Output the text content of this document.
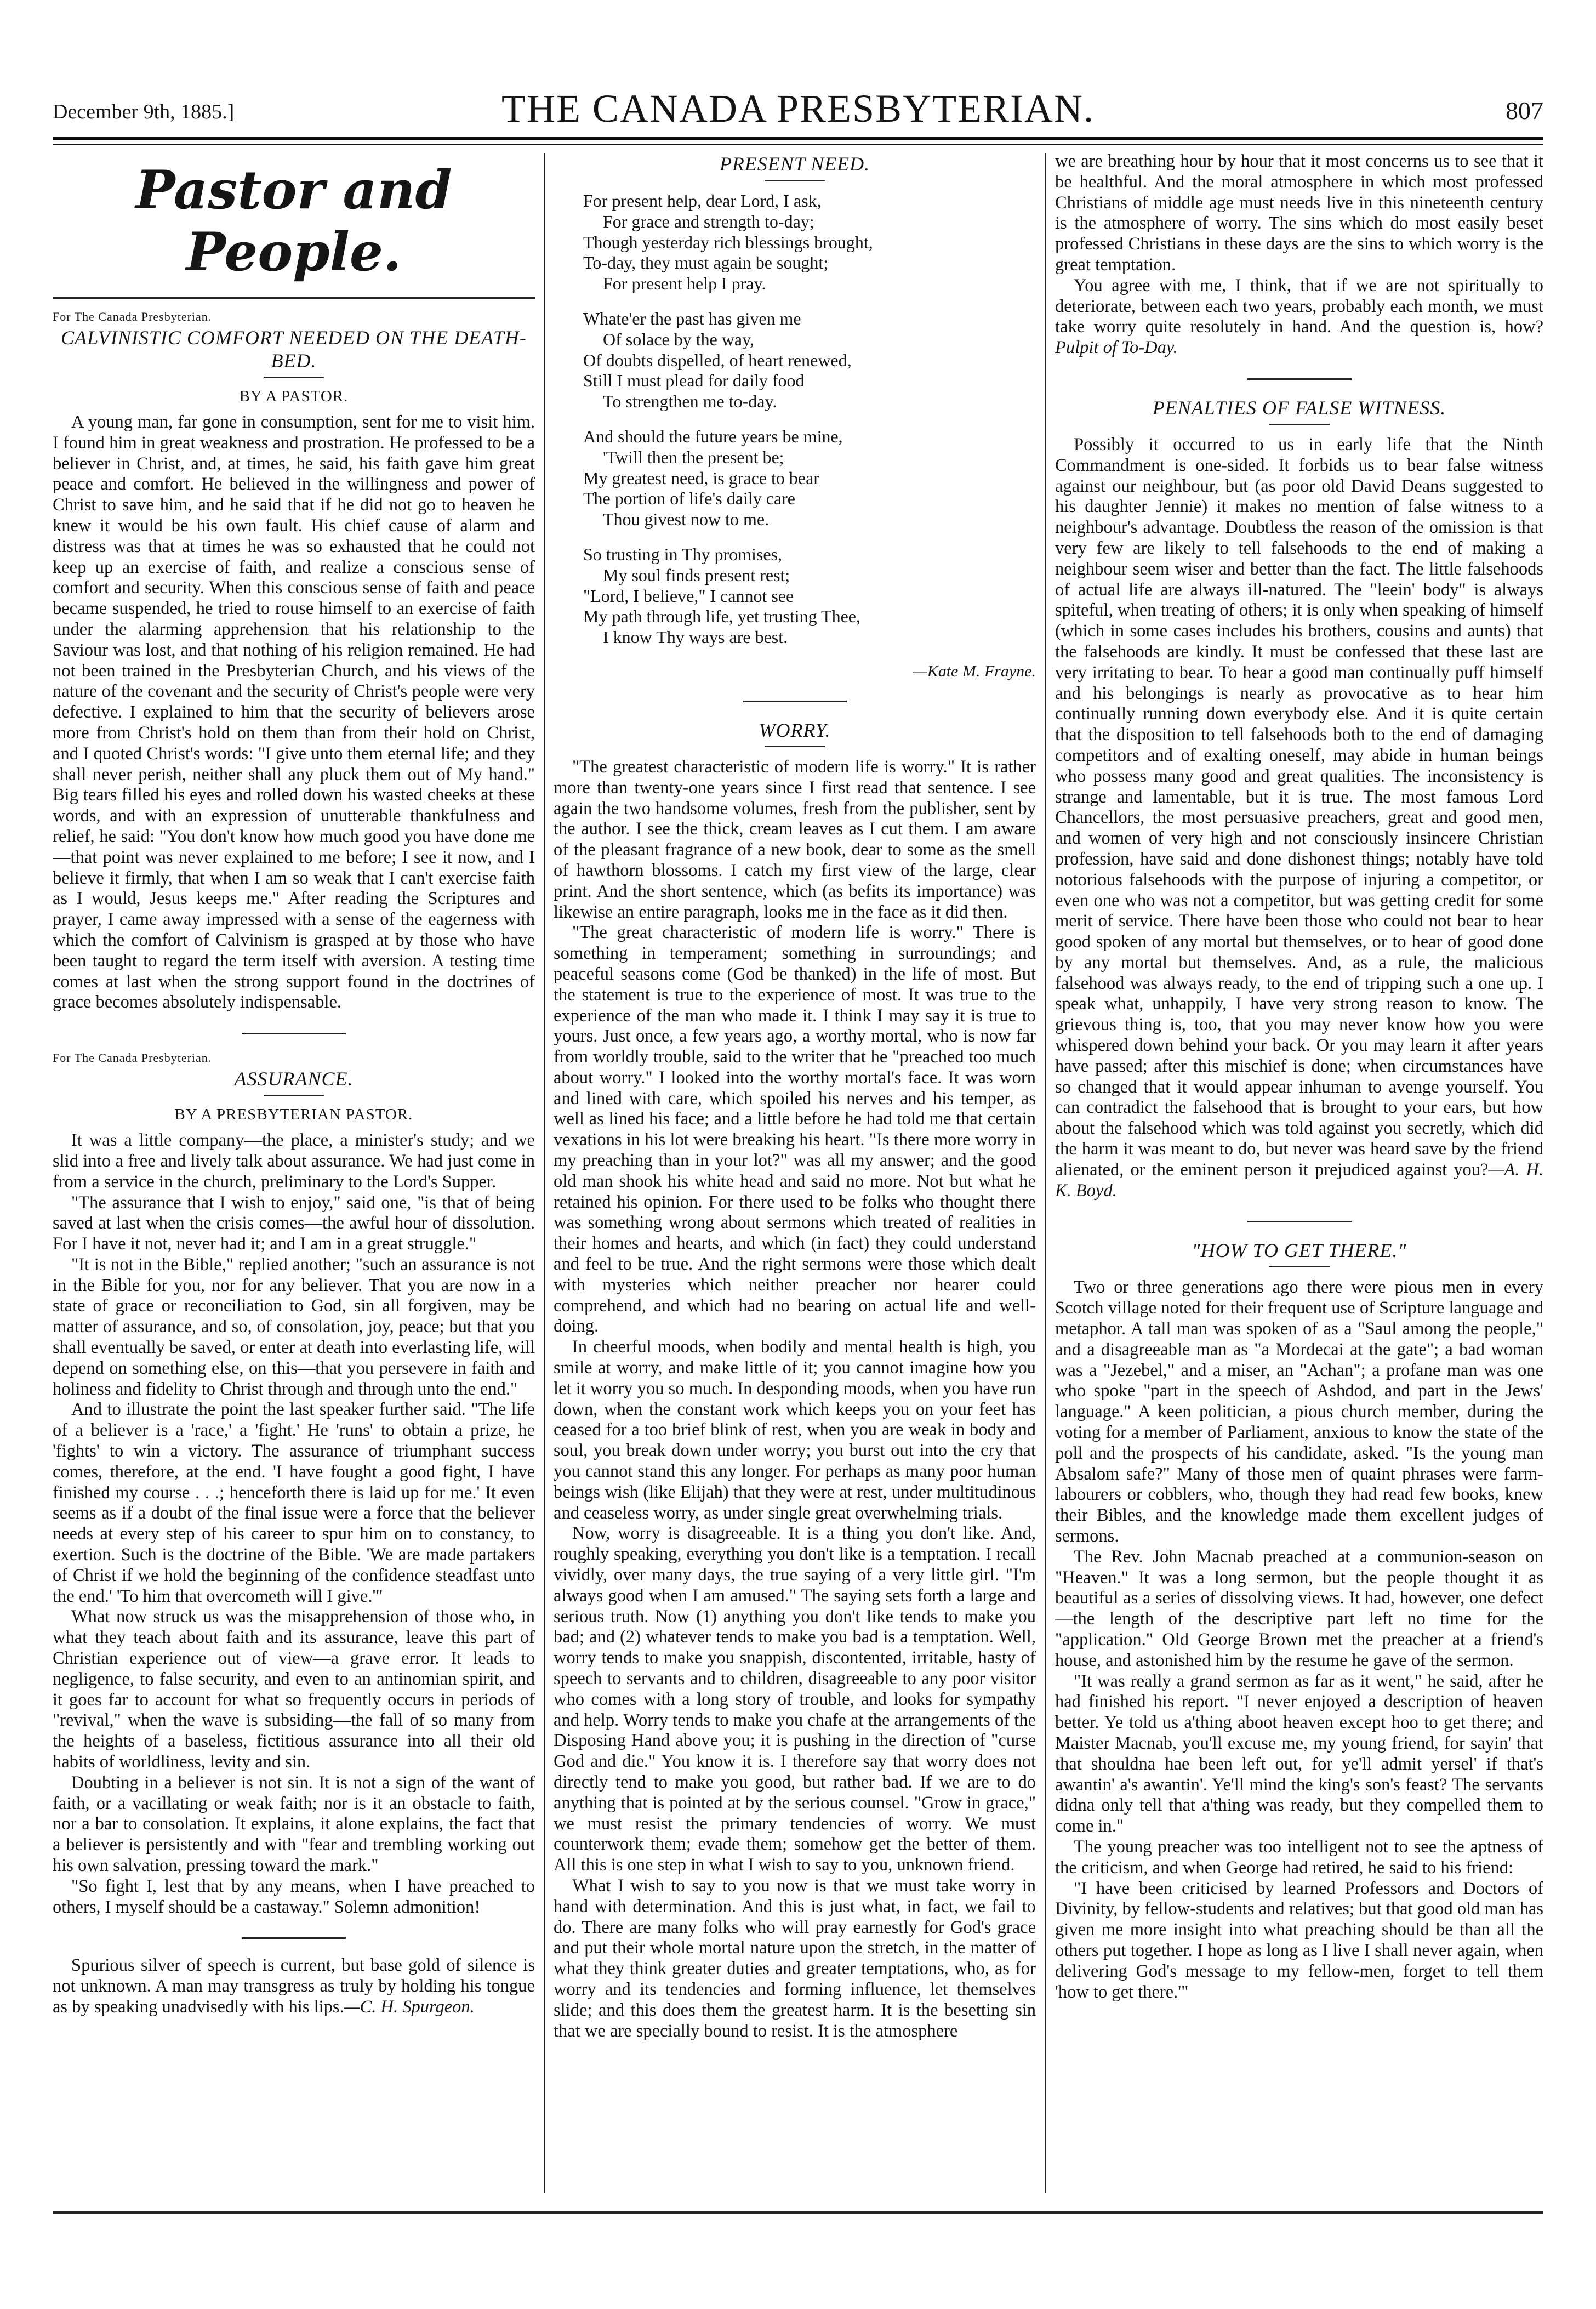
December 9th, 1885.]	THE CANADA PRESBYTERIAN.	807
Pastor and People.
For The Canada Presbyterian.
CALVINISTIC COMFORT NEEDED ON THE DEATH-BED.
BY A PASTOR.

A young man, far gone in consumption, sent for me to visit him. I found him in great weakness and prostration. He professed to be a believer in Christ, and, at times, he said, his faith gave him great peace and comfort. He believed in the willingness and power of Christ to save him, and he said that if he did not go to heaven he knew it would be his own fault. His chief cause of alarm and distress was that at times he was so exhausted that he could not keep up an exercise of faith, and realize a conscious sense of comfort and security. When this conscious sense of faith and peace became suspended, he tried to rouse himself to an exercise of faith under the alarming apprehension that his relationship to the Saviour was lost, and that nothing of his religion remained. He had not been trained in the Presbyterian Church, and his views of the nature of the covenant and the security of Christ's people were very defective. I explained to him that the security of believers arose more from Christ's hold on them than from their hold on Christ, and I quoted Christ's words: "I give unto them eternal life; and they shall never perish, neither shall any pluck them out of My hand." Big tears filled his eyes and rolled down his wasted cheeks at these words, and with an expression of unutterable thankfulness and relief, he said: "You don't know how much good you have done me—that point was never explained to me before; I see it now, and I believe it firmly, that when I am so weak that I can't exercise faith as I would, Jesus keeps me." After reading the Scriptures and prayer, I came away impressed with a sense of the eagerness with which the comfort of Calvinism is grasped at by those who have been taught to regard the term itself with aversion. A testing time comes at last when the strong support found in the doctrines of grace becomes absolutely indispensable.

For The Canada Presbyterian.
ASSURANCE.
BY A PRESBYTERIAN PASTOR.

It was a little company—the place, a minister's study; and we slid into a free and lively talk about assurance. We had just come in from a service in the church, preliminary to the Lord's Supper.

"The assurance that I wish to enjoy," said one, "is that of being saved at last when the crisis comes—the awful hour of dissolution. For I have it not, never had it; and I am in a great struggle."

"It is not in the Bible," replied another; "such an assurance is not in the Bible for you, nor for any believer. That you are now in a state of grace or reconciliation to God, sin all forgiven, may be matter of assurance, and so, of consolation, joy, peace; but that you shall eventually be saved, or enter at death into everlasting life, will depend on something else, on this—that you persevere in faith and holiness and fidelity to Christ through and through unto the end."

And to illustrate the point the last speaker further said. "The life of a believer is a 'race,' a 'fight.' He 'runs' to obtain a prize, he 'fights' to win a victory. The assurance of triumphant success comes, therefore, at the end. 'I have fought a good fight, I have finished my course . . .; henceforth there is laid up for me.' It even seems as if a doubt of the final issue were a force that the believer needs at every step of his career to spur him on to constancy, to exertion. Such is the doctrine of the Bible. 'We are made partakers of Christ if we hold the beginning of the confidence steadfast unto the end.' 'To him that overcometh will I give.'"

What now struck us was the misapprehension of those who, in what they teach about faith and its assurance, leave this part of Christian experience out of view—a grave error. It leads to negligence, to false security, and even to an antinomian spirit, and it goes far to account for what so frequently occurs in periods of "revival," when the wave is subsiding—the fall of so many from the heights of a baseless, fictitious assurance into all their old habits of worldliness, levity and sin.

Doubting in a believer is not sin. It is not a sign of the want of faith, or a vacillating or weak faith; nor is it an obstacle to faith, nor a bar to consolation. It explains, it alone explains, the fact that a believer is persistently and with "fear and trembling working out his own salvation, pressing toward the mark."

"So fight I, lest that by any means, when I have preached to others, I myself should be a castaway." Solemn admonition!

Spurious silver of speech is current, but base gold of silence is not unknown. A man may transgress as truly by holding his tongue as by speaking unadvisedly with his lips.—C. H. Spurgeon.

PRESENT NEED.
For present help, dear Lord, I ask,
For grace and strength to-day;
Though yesterday rich blessings brought,
To-day, they must again be sought;
For present help I pray.
Whate'er the past has given me
Of solace by the way,
Of doubts dispelled, of heart renewed,
Still I must plead for daily food
To strengthen me to-day.
And should the future years be mine,
'Twill then the present be;
My greatest need, is grace to bear
The portion of life's daily care
Thou givest now to me.
So trusting in Thy promises,
My soul finds present rest;
"Lord, I believe," I cannot see
My path through life, yet trusting Thee,
I know Thy ways are best.
—Kate M. Frayne.
WORRY.

"The greatest characteristic of modern life is worry." It is rather more than twenty-one years since I first read that sentence. I see again the two handsome volumes, fresh from the publisher, sent by the author. I see the thick, cream leaves as I cut them. I am aware of the pleasant fragrance of a new book, dear to some as the smell of hawthorn blossoms. I catch my first view of the large, clear print. And the short sentence, which (as befits its importance) was likewise an entire paragraph, looks me in the face as it did then.

"The great characteristic of modern life is worry." There is something in temperament; something in surroundings; and peaceful seasons come (God be thanked) in the life of most. But the statement is true to the experience of most. It was true to the experience of the man who made it. I think I may say it is true to yours. Just once, a few years ago, a worthy mortal, who is now far from worldly trouble, said to the writer that he "preached too much about worry." I looked into the worthy mortal's face. It was worn and lined with care, which spoiled his nerves and his temper, as well as lined his face; and a little before he had told me that certain vexations in his lot were breaking his heart. "Is there more worry in my preaching than in your lot?" was all my answer; and the good old man shook his white head and said no more. Not but what he retained his opinion. For there used to be folks who thought there was something wrong about sermons which treated of realities in their homes and hearts, and which (in fact) they could understand and feel to be true. And the right sermons were those which dealt with mysteries which neither preacher nor hearer could comprehend, and which had no bearing on actual life and well-doing.

In cheerful moods, when bodily and mental health is high, you smile at worry, and make little of it; you cannot imagine how you let it worry you so much. In desponding moods, when you have run down, when the constant work which keeps you on your feet has ceased for a too brief blink of rest, when you are weak in body and soul, you break down under worry; you burst out into the cry that you cannot stand this any longer. For perhaps as many poor human beings wish (like Elijah) that they were at rest, under multitudinous and ceaseless worry, as under single great overwhelming trials.

Now, worry is disagreeable. It is a thing you don't like. And, roughly speaking, everything you don't like is a temptation. I recall vividly, over many days, the true saying of a very little girl. "I'm always good when I am amused." The saying sets forth a large and serious truth. Now (1) anything you don't like tends to make you bad; and (2) whatever tends to make you bad is a temptation. Well, worry tends to make you snappish, discontented, irritable, hasty of speech to servants and to children, disagreeable to any poor visitor who comes with a long story of trouble, and looks for sympathy and help. Worry tends to make you chafe at the arrangements of the Disposing Hand above you; it is pushing in the direction of "curse God and die." You know it is. I therefore say that worry does not directly tend to make you good, but rather bad. If we are to do anything that is pointed at by the serious counsel. "Grow in grace," we must resist the primary tendencies of worry. We must counterwork them; evade them; somehow get the better of them. All this is one step in what I wish to say to you, unknown friend.

What I wish to say to you now is that we must take worry in hand with determination. And this is just what, in fact, we fail to do. There are many folks who will pray earnestly for God's grace and put their whole mortal nature upon the stretch, in the matter of what they think greater duties and greater temptations, who, as for worry and its tendencies and forming influence, let themselves slide; and this does them the greatest harm. It is the besetting sin that we are specially bound to resist. It is the atmosphere

we are breathing hour by hour that it most concerns us to see that it be healthful. And the moral atmosphere in which most professed Christians of middle age must needs live in this nineteenth century is the atmosphere of worry. The sins which do most easily beset professed Christians in these days are the sins to which worry is the great temptation.

You agree with me, I think, that if we are not spiritually to deteriorate, between each two years, probably each month, we must take worry quite resolutely in hand. And the question is, how? Pulpit of To-Day.

PENALTIES OF FALSE WITNESS.

Possibly it occurred to us in early life that the Ninth Commandment is one-sided. It forbids us to bear false witness against our neighbour, but (as poor old David Deans suggested to his daughter Jennie) it makes no mention of false witness to a neighbour's advantage. Doubtless the reason of the omission is that very few are likely to tell falsehoods to the end of making a neighbour seem wiser and better than the fact. The little falsehoods of actual life are always ill-natured. The "leein' body" is always spiteful, when treating of others; it is only when speaking of himself (which in some cases includes his brothers, cousins and aunts) that the falsehoods are kindly. It must be confessed that these last are very irritating to bear. To hear a good man continually puff himself and his belongings is nearly as provocative as to hear him continually running down everybody else. And it is quite certain that the disposition to tell falsehoods both to the end of damaging competitors and of exalting oneself, may abide in human beings who possess many good and great qualities. The inconsistency is strange and lamentable, but it is true. The most famous Lord Chancellors, the most persuasive preachers, great and good men, and women of very high and not consciously insincere Christian profession, have said and done dishonest things; notably have told notorious falsehoods with the purpose of injuring a competitor, or even one who was not a competitor, but was getting credit for some merit of service. There have been those who could not bear to hear good spoken of any mortal but themselves, or to hear of good done by any mortal but themselves. And, as a rule, the malicious falsehood was always ready, to the end of tripping such a one up. I speak what, unhappily, I have very strong reason to know. The grievous thing is, too, that you may never know how you were whispered down behind your back. Or you may learn it after years have passed; after this mischief is done; when circumstances have so changed that it would appear inhuman to avenge yourself. You can contradict the falsehood that is brought to your ears, but how about the falsehood which was told against you secretly, which did the harm it was meant to do, but never was heard save by the friend alienated, or the eminent person it prejudiced against you?—A. H. K. Boyd.

"HOW TO GET THERE."

Two or three generations ago there were pious men in every Scotch village noted for their frequent use of Scripture language and metaphor. A tall man was spoken of as a "Saul among the people," and a disagreeable man as "a Mordecai at the gate"; a bad woman was a "Jezebel," and a miser, an "Achan"; a profane man was one who spoke "part in the speech of Ashdod, and part in the Jews' language." A keen politician, a pious church member, during the voting for a member of Parliament, anxious to know the state of the poll and the prospects of his candidate, asked. "Is the young man Absalom safe?" Many of those men of quaint phrases were farm-labourers or cobblers, who, though they had read few books, knew their Bibles, and the knowledge made them excellent judges of sermons.

The Rev. John Macnab preached at a communion-season on "Heaven." It was a long sermon, but the people thought it as beautiful as a series of dissolving views. It had, however, one defect—the length of the descriptive part left no time for the "application." Old George Brown met the preacher at a friend's house, and astonished him by the resume he gave of the sermon.

"It was really a grand sermon as far as it went," he said, after he had finished his report. "I never enjoyed a description of heaven better. Ye told us a'thing aboot heaven except hoo to get there; and Maister Macnab, you'll excuse me, my young friend, for sayin' that that shouldna hae been left out, for ye'll admit yersel' if that's awantin' a's awantin'. Ye'll mind the king's son's feast? The servants didna only tell that a'thing was ready, but they compelled them to come in."

The young preacher was too intelligent not to see the aptness of the criticism, and when George had retired, he said to his friend:

"I have been criticised by learned Professors and Doctors of Divinity, by fellow-students and relatives; but that good old man has given me more insight into what preaching should be than all the others put together. I hope as long as I live I shall never again, when delivering God's message to my fellow-men, forget to tell them 'how to get there.'"
